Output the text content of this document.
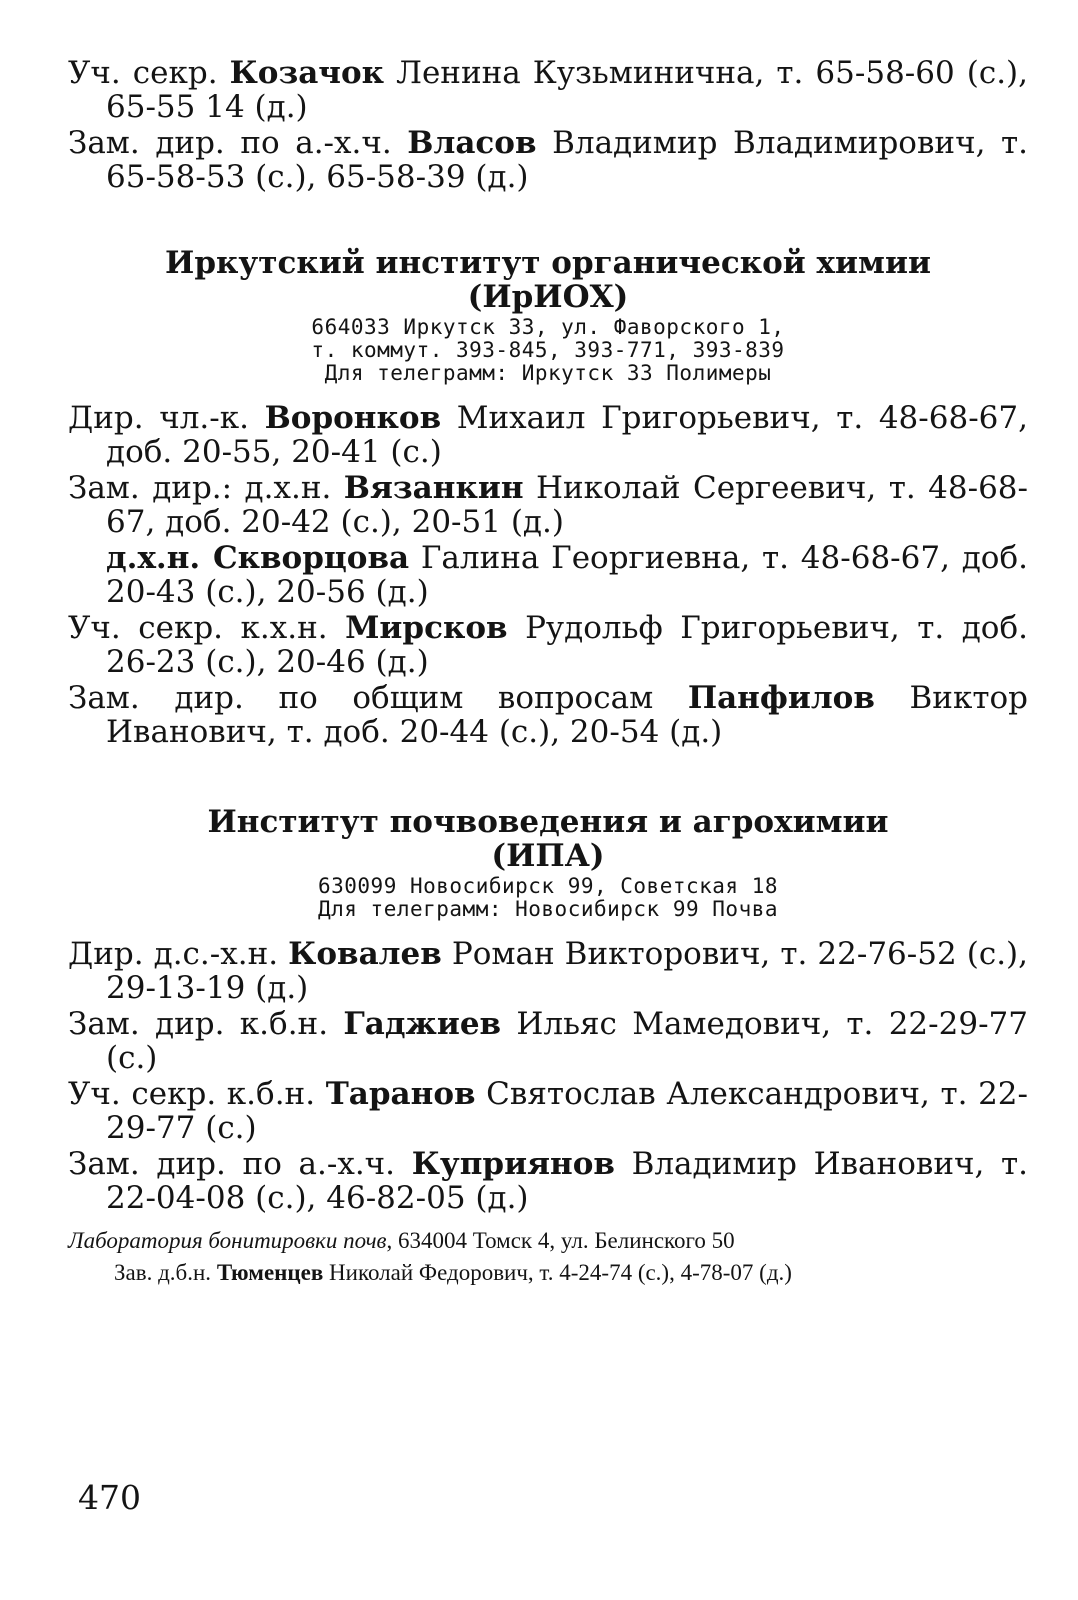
Уч. секр. Козачок Ленина Кузьминична, т. 65-58-60 (с.), 65-55 14 (д.)

Зам. дир. по а.-х.ч. Власов Владимир Владимирович, т. 65-58-53 (с.), 65-58-39 (д.)

Иркутский институт органической химии
(ИрИОХ)
664033 Иркутск 33, ул. Фаворского 1,
т. коммут. 393-845, 393-771, 393-839
Для телеграмм: Иркутск 33 Полимеры

Дир. чл.-к. Воронков Михаил Григорьевич, т. 48-68-67, доб. 20-55, 20-41 (с.)

Зам. дир.: д.х.н. Вязанкин Николай Сергеевич, т. 48-68-67, доб. 20-42 (с.), 20-51 (д.)

д.х.н. Скворцова Галина Георгиевна, т. 48-68-67, доб. 20-43 (с.), 20-56 (д.)

Уч. секр. к.х.н. Мирсков Рудольф Григорьевич, т. доб. 26-23 (с.), 20-46 (д.)

Зам. дир. по общим вопросам Панфилов Виктор Иванович, т. доб. 20-44 (с.), 20-54 (д.)

Институт почвоведения и агрохимии
(ИПА)
630099 Новосибирск 99, Советская 18
Для телеграмм: Новосибирск 99 Почва

Дир. д.с.-х.н. Ковалев Роман Викторович, т. 22-76-52 (с.), 29-13-19 (д.)

Зам. дир. к.б.н. Гаджиев Ильяс Мамедович, т. 22-29-77 (с.)

Уч. секр. к.б.н. Таранов Святослав Александрович, т. 22-29-77 (с.)

Зам. дир. по а.-х.ч. Куприянов Владимир Иванович, т. 22-04-08 (с.), 46-82-05 (д.)

Лаборатория бонитировки почв, 634004 Томск 4, ул. Белинского 50

Зав. д.б.н. Тюменцев Николай Федорович, т. 4-24-74 (с.), 4-78-07 (д.)

470
